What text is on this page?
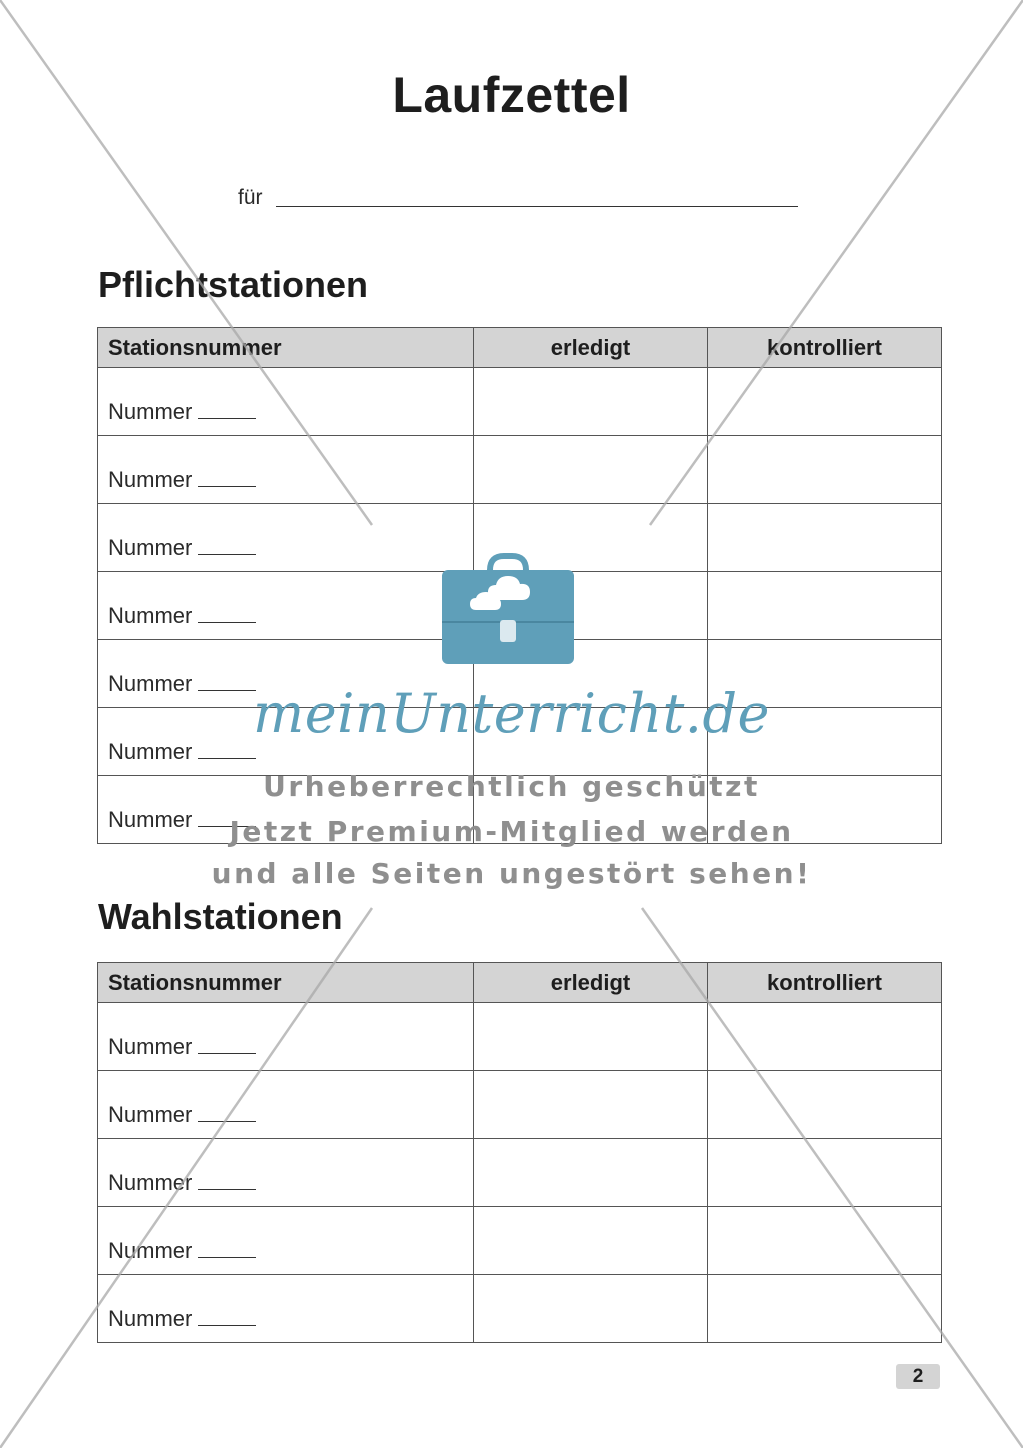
Laufzettel
für
Pflichtstationen
Stationsnummer	erledigt	kontrolliert

Nummer		

Nummer		

Nummer		

Nummer		

Nummer		

Nummer		

Nummer		

Wahlstationen
Stationsnummer	erledigt	kontrolliert

Nummer		

Nummer		

Nummer		

Nummer		

Nummer		

meinUnterricht.de
Urheberrechtlich geschützt
Jetzt Premium-Mitglied werden
und alle Seiten ungestört sehen!
2
